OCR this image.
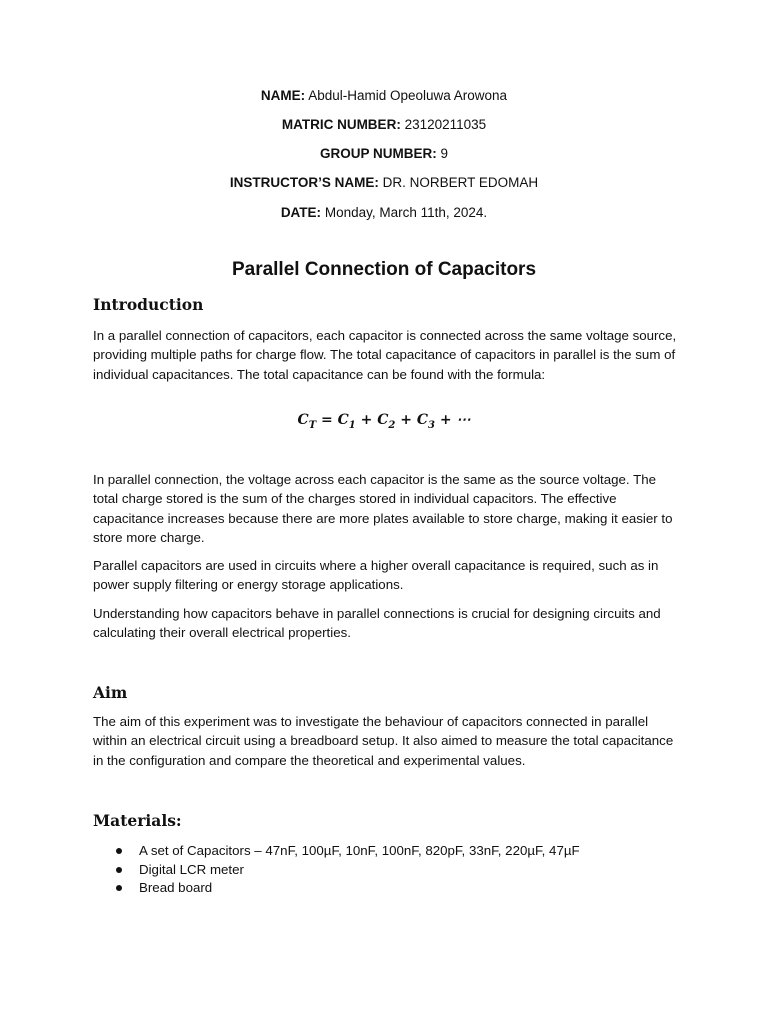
NAME: Abdul-Hamid Opeoluwa Arowona
MATRIC NUMBER: 23120211035
GROUP NUMBER: 9
INSTRUCTOR’S NAME: DR. NORBERT EDOMAH
DATE: Monday, March 11th, 2024.
Parallel Connection of Capacitors
Introduction

In a parallel connection of capacitors, each capacitor is connected across the same voltage source, providing multiple paths for charge flow. The total capacitance of capacitors in parallel is the sum of individual capacitances. The total capacitance can be found with the formula:

$C_T = C_1 + C_2 + C_3$ + ⋯

In parallel connection, the voltage across each capacitor is the same as the source voltage. The total charge stored is the sum of the charges stored in individual capacitors. The effective capacitance increases because there are more plates available to store charge, making it easier to store more charge.

Parallel capacitors are used in circuits where a higher overall capacitance is required, such as in power supply filtering or energy storage applications.

Understanding how capacitors behave in parallel connections is crucial for designing circuits and calculating their overall electrical properties.

Aim

The aim of this experiment was to investigate the behaviour of capacitors connected in parallel within an electrical circuit using a breadboard setup. It also aimed to measure the total capacitance in the configuration and compare the theoretical and experimental values.

Materials:
A set of Capacitors – 47nF, 100µF, 10nF, 100nF, 820pF, 33nF, 220µF, 47µF
Digital LCR meter
Bread board
